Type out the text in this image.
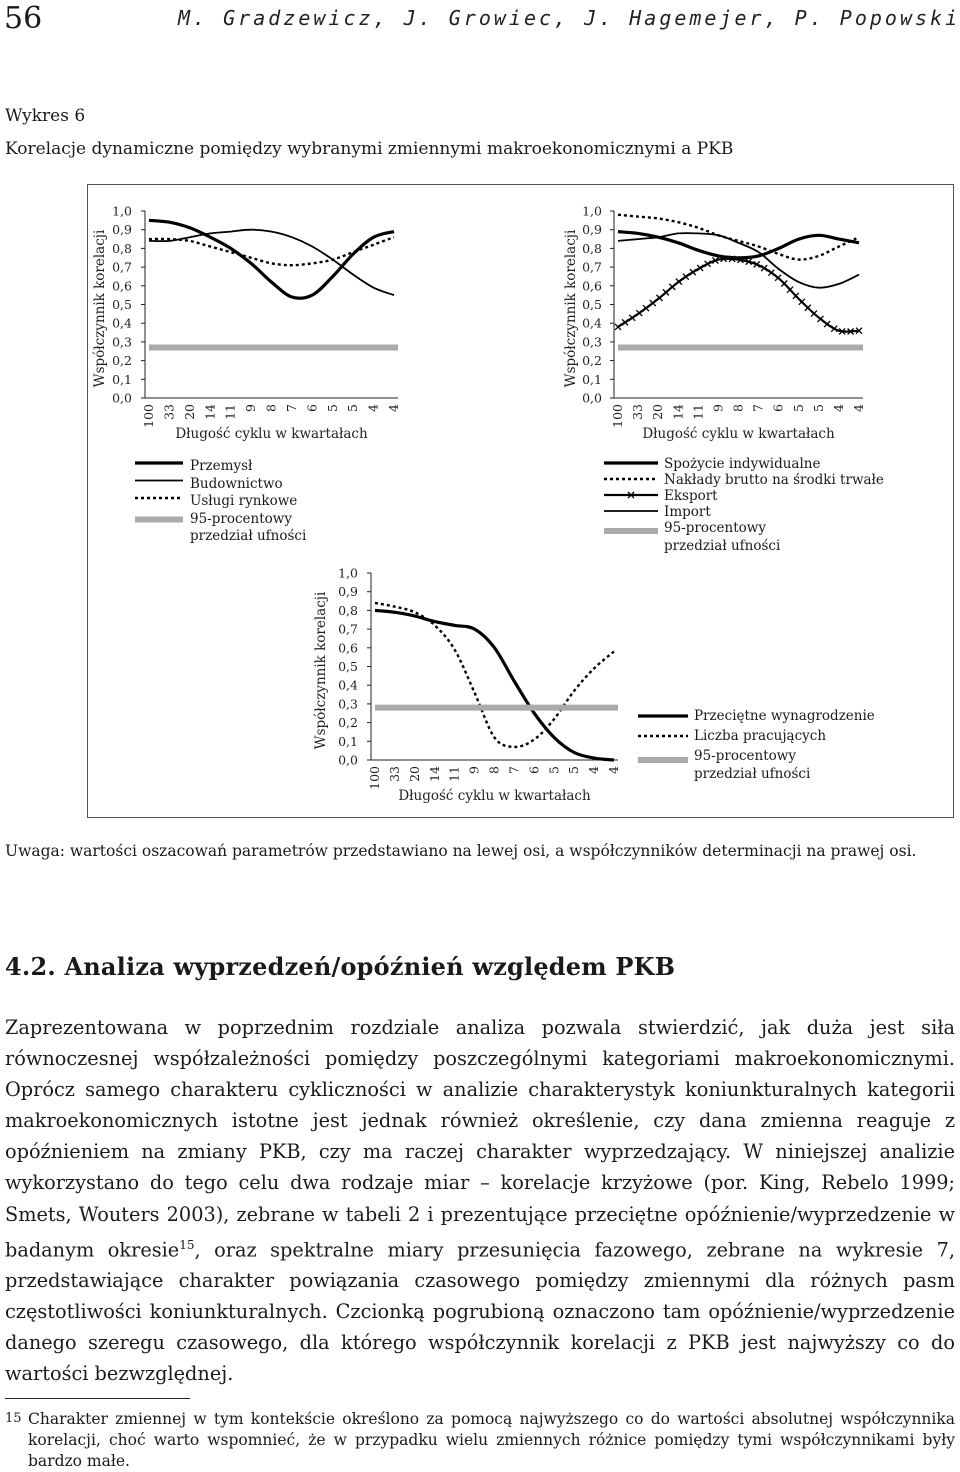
56	M. Gradzewicz, J. Growiec, J. Hagemejer, P. Popowski
Wykres 6
Korelacje dynamiczne pomiędzy wybranymi zmiennymi makroekonomicznymi a PKB
1,0
0,9
0,8
0,7
0,6
0,5
0,4
0,3
0,2
0,1
0,0
100 33 20 14 11 9 8 7 6 5 5 4 4
Współczynnik korelacji
Długość cyklu w kwartałach
1,0
0,9
0,8
0,7
0,6
0,5
0,4
0,3
0,2
0,1
0,0
100 33 20 14 11 9 8 7 6 5 5 4 4
Współczynnik korelacji
Długość cyklu w kwartałach
1,0
0,9
0,8
0,7
0,6
0,5
0,4
0,3
0,2
0,1
0,0
100 33 20 14 11 9 8 7 6 5 5 4 4
Współczynnik korelacji
Długość cyklu w kwartałach
Przemysł
Budownictwo
Usługi rynkowe
95-procentowy przedział ufności
Spożycie indywidualne
Nakłady brutto na środki trwałe
Eksport
Import
95-procentowy przedział ufności
Przeciętne wynagrodzenie
Liczba pracujących
95-procentowy przedział ufności
Uwaga: wartości oszacowań parametrów przedstawiano na lewej osi, a współczynników determinacji na prawej osi.
4.2. Analiza wyprzedzeń/opóźnień względem PKB

Zaprezentowana w poprzednim rozdziale analiza pozwala stwierdzić, jak duża jest siła równoczesnej współzależności pomiędzy poszczególnymi kategoriami makroekonomicznymi. Oprócz samego charakteru cykliczności w analizie charakterystyk koniunkturalnych kategorii makroekonomicznych istotne jest jednak również określenie, czy dana zmienna reaguje z opóźnieniem na zmiany PKB, czy ma raczej charakter wyprzedzający. W niniejszej analizie wykorzystano do tego celu dwa rodzaje miar – korelacje krzyżowe (por. King, Rebelo 1999; Smets, Wouters 2003), zebrane w tabeli 2 i prezentujące przeciętne opóźnienie/wyprzedzenie w badanym okresie$^{15}$, oraz spektralne miary przesunięcia fazowego, zebrane na wykresie 7, przedstawiające charakter powiązania czasowego pomiędzy zmiennymi dla różnych pasm częstotliwości koniunkturalnych. Czcionką pogrubioną oznaczono tam opóźnienie/wyprzedzenie danego szeregu czasowego, dla którego współczynnik korelacji z PKB jest najwyższy co do wartości bezwzględnej.

15 Charakter zmiennej w tym kontekście określono za pomocą najwyższego co do wartości absolutnej współczynnika korelacji, choć warto wspomnieć, że w przypadku wielu zmiennych różnice pomiędzy tymi współczynnikami były bardzo małe.
